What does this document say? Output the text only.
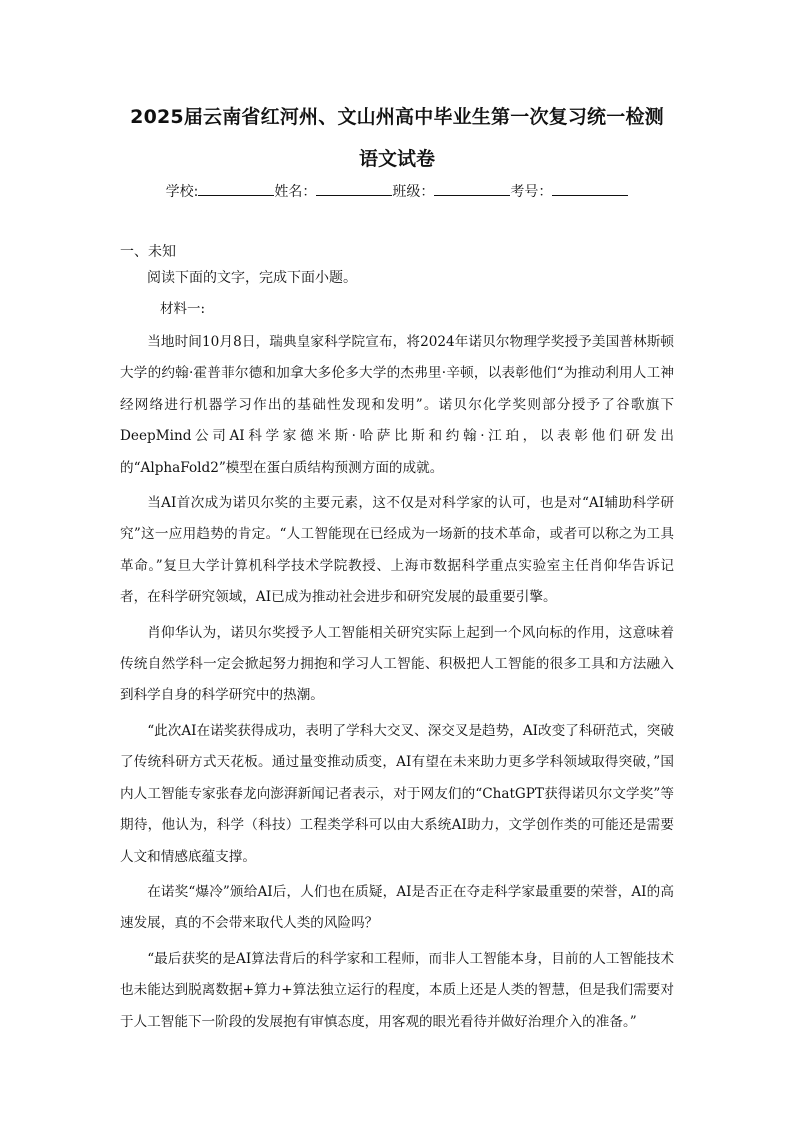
2025届云南省红河州、文山州高中毕业生第一次复习统一检测
语文试卷
学校:	姓名：	班级：	考号：
一、未知
阅读下面的文字，完成下面小题。
材料一:

当地时间10月8日，瑞典皇家科学院宣布，将2024年诺贝尔物理学奖授予美国普林斯顿大学的约翰·霍普菲尔德和加拿大多伦多大学的杰弗里·辛顿，以表彰他们“为推动利用人工神经网络进行机器学习作出的基础性发现和发明”。诺贝尔化学奖则部分授予了谷歌旗下DeepMind公司AI科学家德米斯·哈萨比斯和约翰·江珀，以表彰他们研发出的“AlphaFold2”模型在蛋白质结构预测方面的成就。

当AI首次成为诺贝尔奖的主要元素，这不仅是对科学家的认可，也是对“AI辅助科学研究”这一应用趋势的肯定。“人工智能现在已经成为一场新的技术革命，或者可以称之为工具革命。”复旦大学计算机科学技术学院教授、上海市数据科学重点实验室主任肖仰华告诉记者，在科学研究领域，AI已成为推动社会进步和研究发展的最重要引擎。

肖仰华认为，诺贝尔奖授予人工智能相关研究实际上起到一个风向标的作用，这意味着传统自然学科一定会掀起努力拥抱和学习人工智能、积极把人工智能的很多工具和方法融入到科学自身的科学研究中的热潮。

“此次AI在诺奖获得成功，表明了学科大交叉、深交叉是趋势，AI改变了科研范式，突破了传统科研方式天花板。通过量变推动质变，AI有望在未来助力更多学科领域取得突破，”国内人工智能专家张春龙向澎湃新闻记者表示，对于网友们的“ChatGPT获得诺贝尔文学奖”等期待，他认为，科学（科技）工程类学科可以由大系统AI助力，文学创作类的可能还是需要人文和情感底蕴支撑。

在诺奖“爆冷”颁给AI后，人们也在质疑，AI是否正在夺走科学家最重要的荣誉，AI的高速发展，真的不会带来取代人类的风险吗？

“最后获奖的是AI算法背后的科学家和工程师，而非人工智能本身，目前的人工智能技术也未能达到脱离数据+算力+算法独立运行的程度，本质上还是人类的智慧，但是我们需要对于人工智能下一阶段的发展抱有审慎态度，用客观的眼光看待并做好治理介入的准备。”
